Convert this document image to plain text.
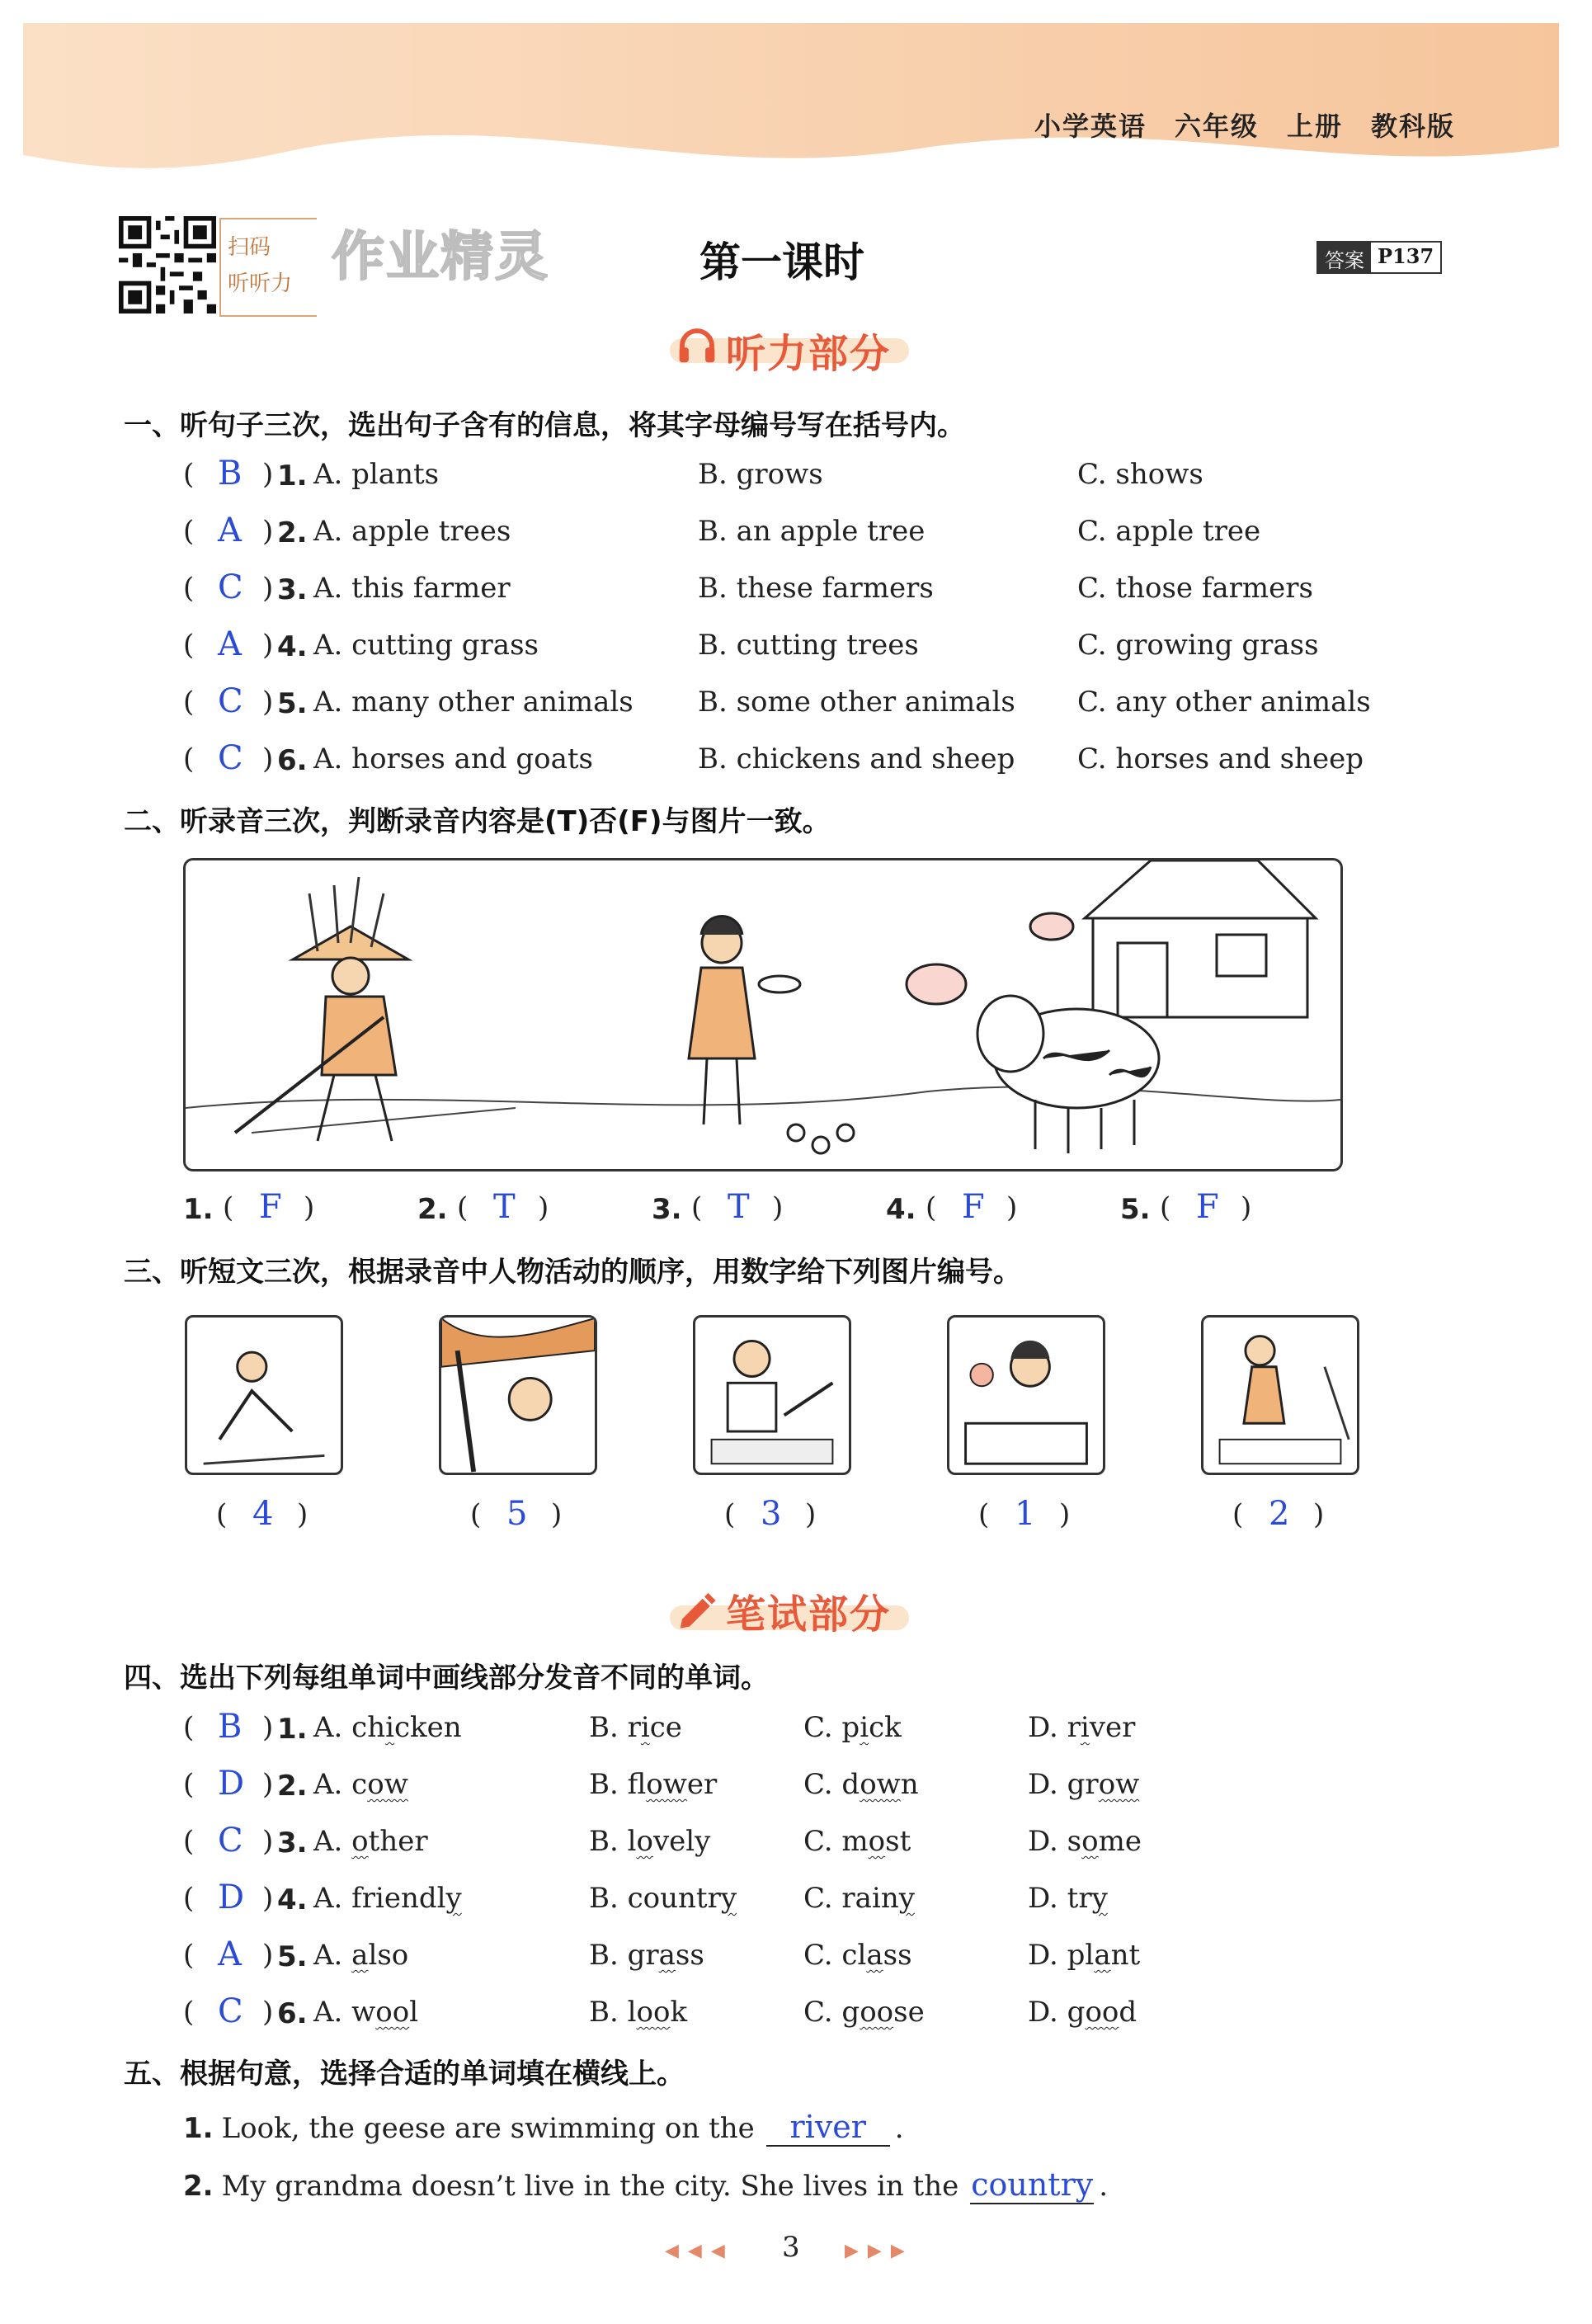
小学英语 六年级 上册 教科版
扫码
听听力 作业精灵	第一课时	答案 P137
听力部分
一、听句子三次，选出句子含有的信息，将其字母编号写在括号内。
( B ) 1. A. plants	B. grows	C. shows
( A ) 2. A. apple trees	B. an apple tree	C. apple tree
( C ) 3. A. this farmer	B. these farmers	C. those farmers
( A ) 4. A. cutting grass	B. cutting trees	C. growing grass
( C ) 5. A. many other animals B. some other animals C. any other animals
( C ) 6. A. horses and goats	B. chickens and sheep C. horses and sheep
二、听录音三次，判断录音内容是(T)否(F)与图片一致。
1. ( F )	2. ( T )	3. ( T )	4. ( F )	5. ( F )
三、听短文三次，根据录音中人物活动的顺序，用数字给下列图片编号。
( 4 )	( 5 )	( 3 )	( 1 )	( 2 )
笔试部分
四、选出下列每组单词中画线部分发音不同的单词。
( B ) 1. A. chicken	B. rice	C. pick	D. river
( D ) 2. A. cow	B. flower	C. down	D. grow
( C ) 3. A. other	B. lovely	C. most	D. some
( D ) 4. A. friendly	B. country C. rainy	D. try
( A ) 5. A. also	B. grass	C. class	D. plant
( C ) 6. A. wool	B. look	C. goose	D. good
五、根据句意，选择合适的单词填在横线上。
1. Look, the geese are swimming on the river .
2. My grandma doesn’t live in the city. She lives in the country .
◀ ◀ ◀ 3 ▶ ▶ ▶
